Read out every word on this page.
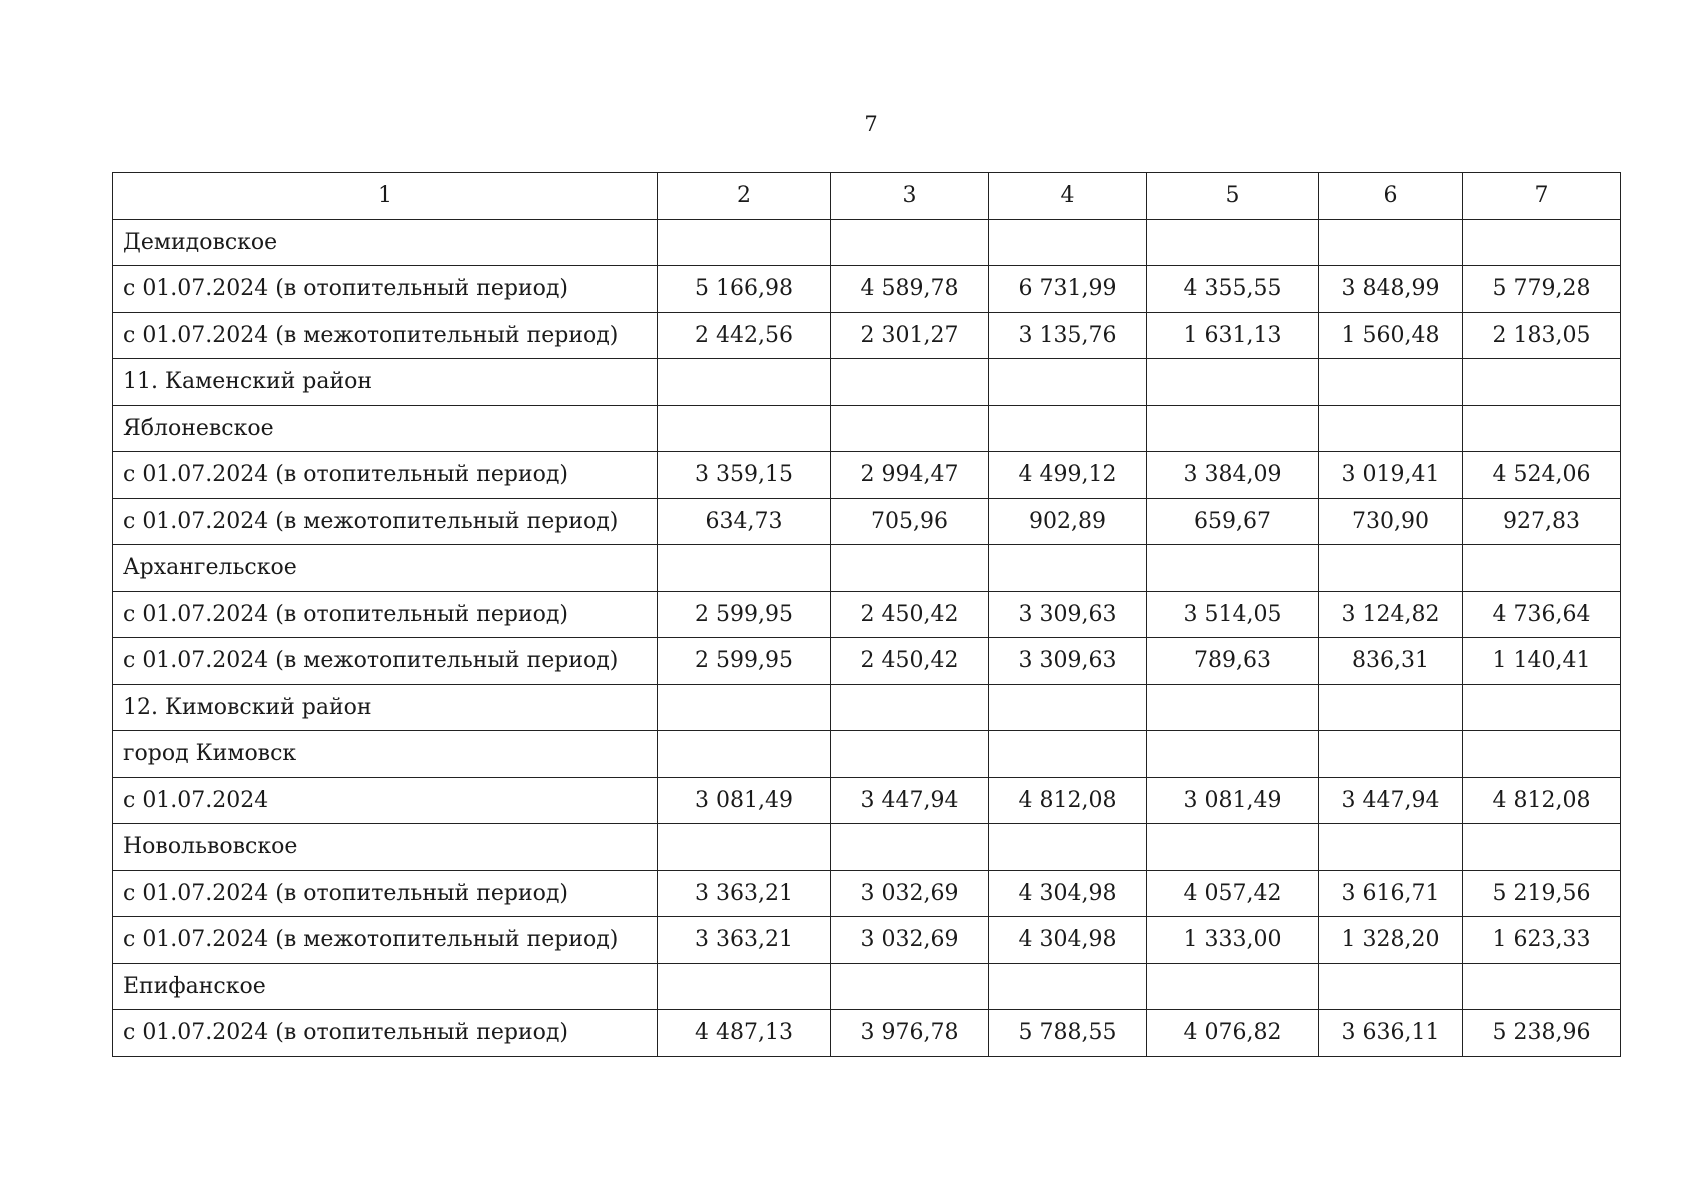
7
1	2	3	4	5	6	7
Демидовское						
с 01.07.2024 (в отопительный период)	5 166,98	4 589,78	6 731,99	4 355,55	3 848,99	5 779,28
с 01.07.2024 (в межотопительный период)	2 442,56	2 301,27	3 135,76	1 631,13	1 560,48	2 183,05
11. Каменский район						
Яблоневское						
с 01.07.2024 (в отопительный период)	3 359,15	2 994,47	4 499,12	3 384,09	3 019,41	4 524,06
с 01.07.2024 (в межотопительный период)	634,73	705,96	902,89	659,67	730,90	927,83
Архангельское						
с 01.07.2024 (в отопительный период)	2 599,95	2 450,42	3 309,63	3 514,05	3 124,82	4 736,64
с 01.07.2024 (в межотопительный период)	2 599,95	2 450,42	3 309,63	789,63	836,31	1 140,41
12. Кимовский район						
город Кимовск						
с 01.07.2024	3 081,49	3 447,94	4 812,08	3 081,49	3 447,94	4 812,08
Новольвовское						
с 01.07.2024 (в отопительный период)	3 363,21	3 032,69	4 304,98	4 057,42	3 616,71	5 219,56
с 01.07.2024 (в межотопительный период)	3 363,21	3 032,69	4 304,98	1 333,00	1 328,20	1 623,33
Епифанское						
с 01.07.2024 (в отопительный период)	4 487,13	3 976,78	5 788,55	4 076,82	3 636,11	5 238,96
